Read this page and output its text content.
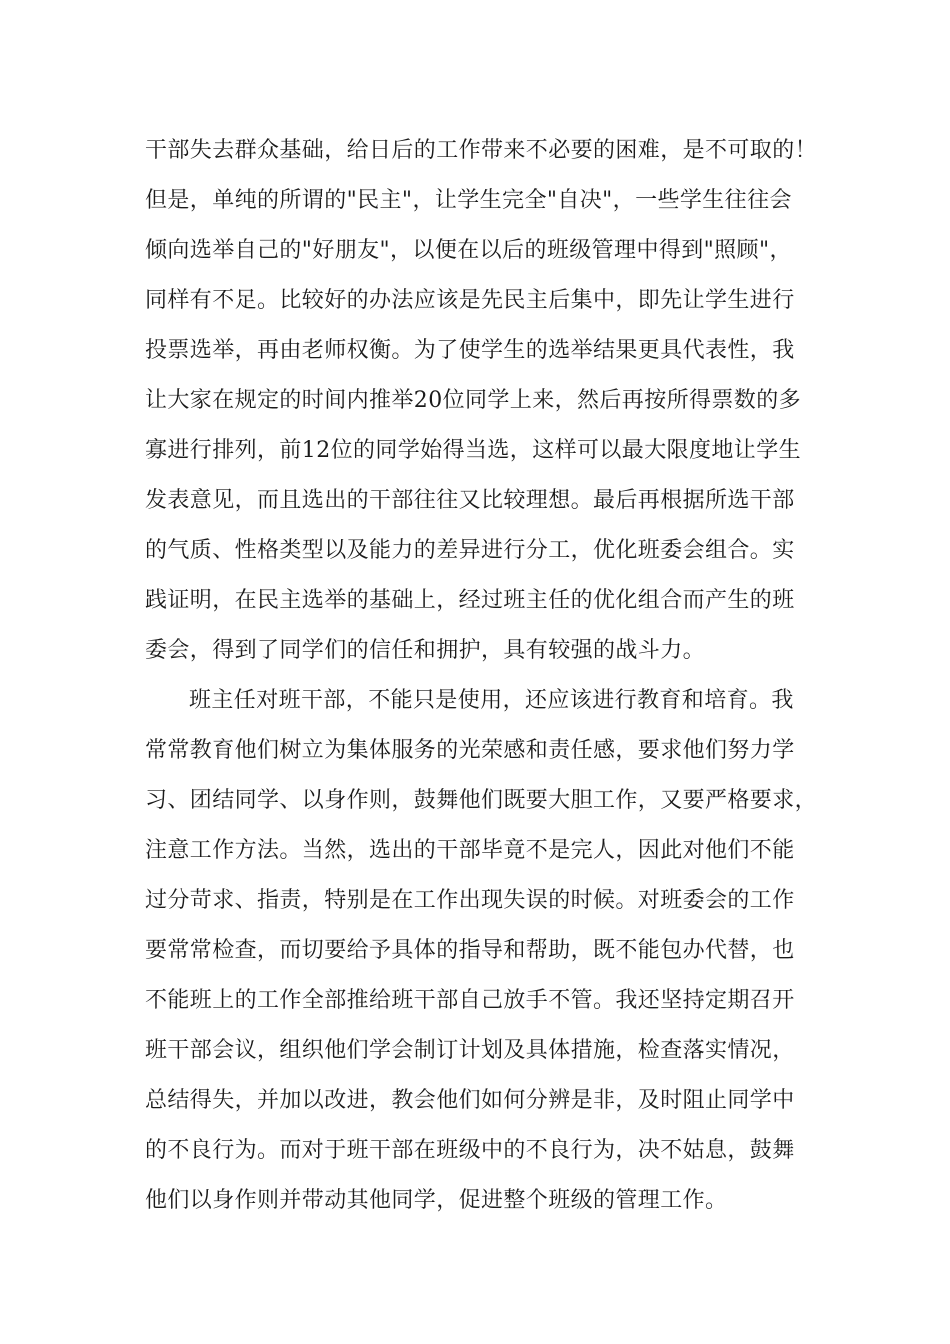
干部失去群众基础，给日后的工作带来不必要的困难，是不可取的！
但是，单纯的所谓的"民主"，让学生完全"自决"，一些学生往往会
倾向选举自己的"好朋友"，以便在以后的班级管理中得到"照顾"，
同样有不足。比较好的办法应该是先民主后集中，即先让学生进行
投票选举，再由老师权衡。为了使学生的选举结果更具代表性，我
让大家在规定的时间内推举20位同学上来，然后再按所得票数的多
寡进行排列，前12位的同学始得当选，这样可以最大限度地让学生
发表意见，而且选出的干部往往又比较理想。最后再根据所选干部
的气质、性格类型以及能力的差异进行分工，优化班委会组合。实
践证明，在民主选举的基础上，经过班主任的优化组合而产生的班
委会，得到了同学们的信任和拥护，具有较强的战斗力。
班主任对班干部，不能只是使用，还应该进行教育和培育。我
常常教育他们树立为集体服务的光荣感和责任感，要求他们努力学
习、团结同学、以身作则，鼓舞他们既要大胆工作，又要严格要求，
注意工作方法。当然，选出的干部毕竟不是完人，因此对他们不能
过分苛求、指责，特别是在工作出现失误的时候。对班委会的工作
要常常检查，而切要给予具体的指导和帮助，既不能包办代替，也
不能班上的工作全部推给班干部自己放手不管。我还坚持定期召开
班干部会议，组织他们学会制订计划及具体措施，检查落实情况，
总结得失，并加以改进，教会他们如何分辨是非，及时阻止同学中
的不良行为。而对于班干部在班级中的不良行为，决不姑息，鼓舞
他们以身作则并带动其他同学，促进整个班级的管理工作。
